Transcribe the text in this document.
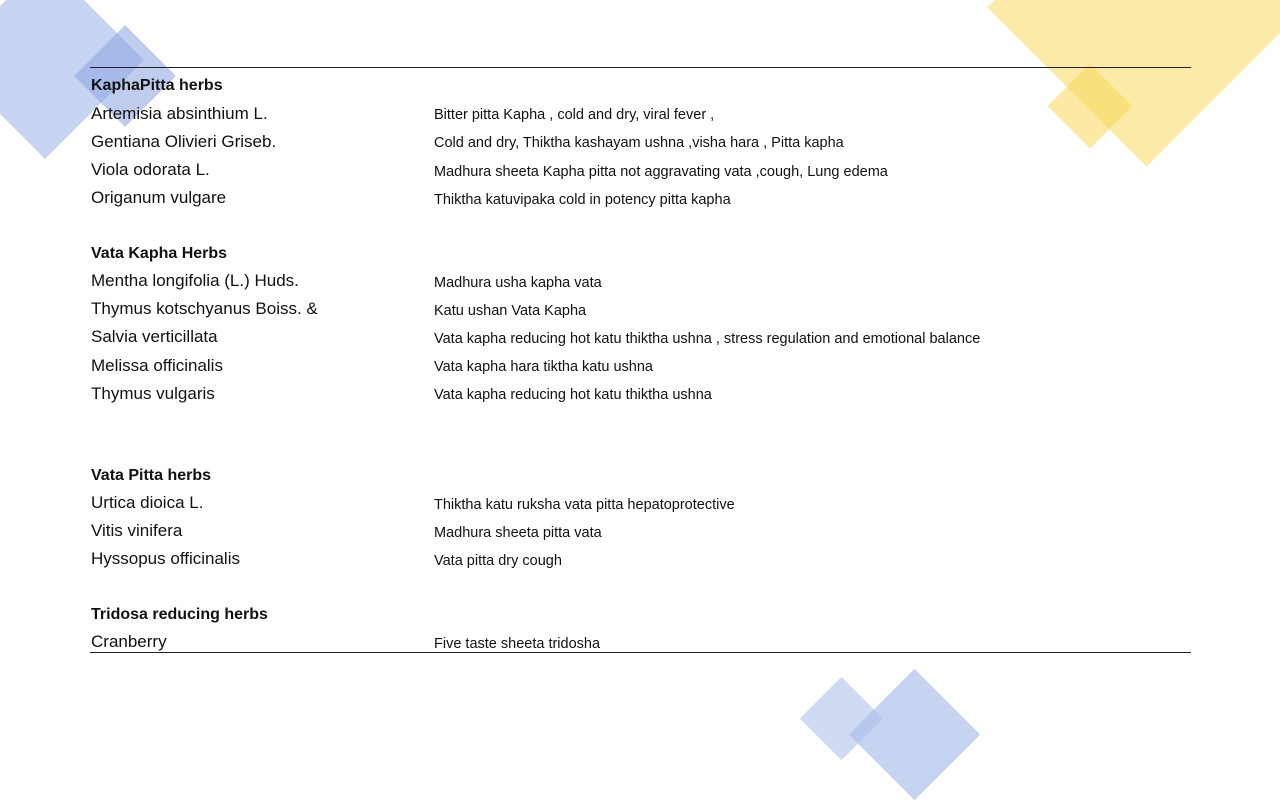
KaphaPitta herbs
Artemisia absinthium L.	Bitter pitta Kapha , cold and dry, viral fever ,
Gentiana Olivieri Griseb.	Cold and dry, Thiktha kashayam ushna ,visha hara , Pitta kapha
Viola odorata L.	Madhura sheeta Kapha pitta not aggravating vata ,cough, Lung edema
Origanum vulgare	Thiktha katuvipaka cold in potency pitta kapha
Vata Kapha Herbs
Mentha longifolia (L.) Huds.	Madhura usha kapha vata
Thymus kotschyanus Boiss. &	Katu ushan Vata Kapha
Salvia verticillata	Vata kapha reducing hot katu thiktha ushna , stress regulation and emotional balance
Melissa officinalis	Vata kapha hara tiktha katu ushna
Thymus vulgaris	Vata kapha reducing hot katu thiktha ushna
Vata Pitta herbs
Urtica dioica L.	Thiktha katu ruksha vata pitta hepatoprotective
Vitis vinifera	Madhura sheeta pitta vata
Hyssopus officinalis	Vata pitta dry cough
Tridosa reducing herbs
Cranberry	Five taste sheeta tridosha
